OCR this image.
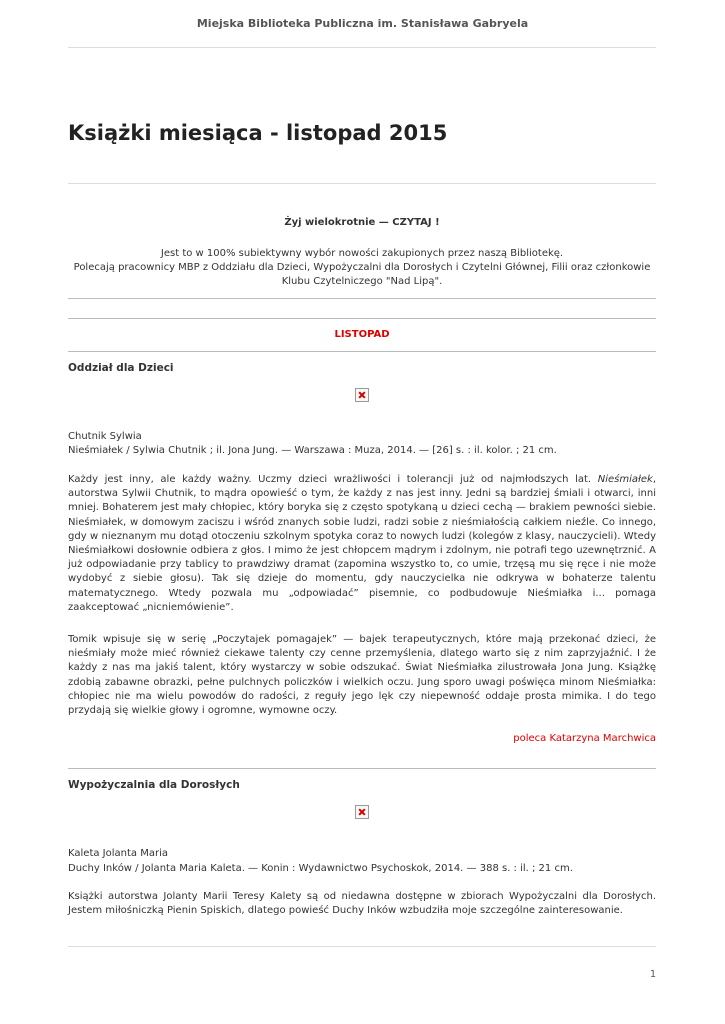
Miejska Biblioteka Publiczna im. Stanisława Gabryela
Książki miesiąca - listopad 2015
Żyj wielokrotnie — CZYTAJ !
Jest to w 100% subiektywny wybór nowości zakupionych przez naszą Bibliotekę.
Polecają pracownicy MBP z Oddziału dla Dzieci, Wypożyczalni dla Dorosłych i Czytelni Głównej, Filii oraz członkowie
Klubu Czytelniczego "Nad Lipą".
LISTOPAD
Oddział dla Dzieci
Chutnik Sylwia
Nieśmiałek / Sylwia Chutnik ; il. Jona Jung. — Warszawa : Muza, 2014. — [26] s. : il. kolor. ; 21 cm.

Każdy jest inny, ale każdy ważny. Uczmy dzieci wrażliwości i tolerancji już od najmłodszych lat. Nieśmiałek, autorstwa Sylwii Chutnik, to mądra opowieść o tym, że każdy z nas jest inny. Jedni są bardziej śmiali i otwarci, inni mniej. Bohaterem jest mały chłopiec, który boryka się z często spotykaną u dzieci cechą — brakiem pewności siebie. Nieśmiałek, w domowym zaciszu i wśród znanych sobie ludzi, radzi sobie z nieśmiałością całkiem nieźle. Co innego, gdy w nieznanym mu dotąd otoczeniu szkolnym spotyka coraz to nowych ludzi (kolegów z klasy, nauczycieli). Wtedy Nieśmiałkowi dosłownie odbiera z głos. I mimo że jest chłopcem mądrym i zdolnym, nie potrafi tego uzewnętrznić. A już odpowiadanie przy tablicy to prawdziwy dramat (zapomina wszystko to, co umie, trzęsą mu się ręce i nie może wydobyć z siebie głosu). Tak się dzieje do momentu, gdy nauczycielka nie odkrywa w bohaterze talentu matematycznego. Wtedy pozwala mu „odpowiadać” pisemnie, co podbudowuje Nieśmiałka i... pomaga zaakceptować „nicniemówienie”.

Tomik wpisuje się w serię „Poczytajek pomagajek” — bajek terapeutycznych, które mają przekonać dzieci, że nieśmiały może mieć również ciekawe talenty czy cenne przemyślenia, dlatego warto się z nim zaprzyjaźnić. I że każdy z nas ma jakiś talent, który wystarczy w sobie odszukać. Świat Nieśmiałka zilustrowała Jona Jung. Książkę zdobią zabawne obrazki, pełne pulchnych policzków i wielkich oczu. Jung sporo uwagi poświęca minom Nieśmiałka: chłopiec nie ma wielu powodów do radości, z reguły jego lęk czy niepewność oddaje prosta mimika. I do tego przydają się wielkie głowy i ogromne, wymowne oczy.

poleca Katarzyna Marchwica
Wypożyczalnia dla Dorosłych
Kaleta Jolanta Maria
Duchy Inków / Jolanta Maria Kaleta. — Konin : Wydawnictwo Psychoskok, 2014. — 388 s. : il. ; 21 cm.

Książki autorstwa Jolanty Marii Teresy Kalety są od niedawna dostępne w zbiorach Wypożyczalni dla Dorosłych. Jestem miłośniczką Pienin Spiskich, dlatego powieść Duchy Inków wzbudziła moje szczególne zainteresowanie.

1
